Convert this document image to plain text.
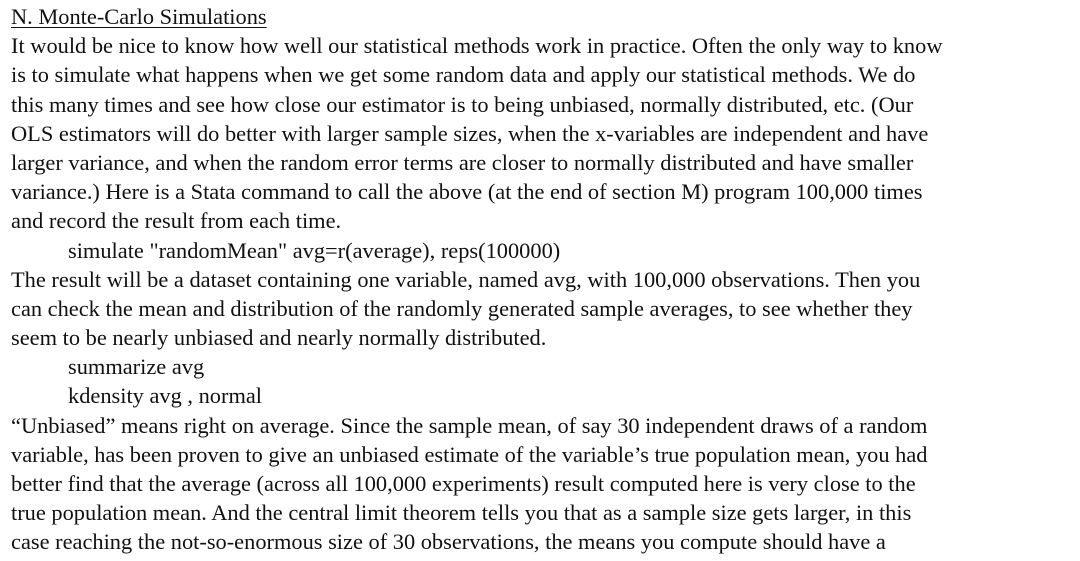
N. Monte-Carlo Simulations
It would be nice to know how well our statistical methods work in practice. Often the only way to know
is to simulate what happens when we get some random data and apply our statistical methods. We do
this many times and see how close our estimator is to being unbiased, normally distributed, etc. (Our
OLS estimators will do better with larger sample sizes, when the x-variables are independent and have
larger variance, and when the random error terms are closer to normally distributed and have smaller
variance.) Here is a Stata command to call the above (at the end of section M) program 100,000 times
and record the result from each time.
simulate "randomMean" avg=r(average), reps(100000)
The result will be a dataset containing one variable, named avg, with 100,000 observations. Then you
can check the mean and distribution of the randomly generated sample averages, to see whether they
seem to be nearly unbiased and nearly normally distributed.
summarize avg
kdensity avg , normal
“Unbiased” means right on average. Since the sample mean, of say 30 independent draws of a random
variable, has been proven to give an unbiased estimate of the variable’s true population mean, you had
better find that the average (across all 100,000 experiments) result computed here is very close to the
true population mean. And the central limit theorem tells you that as a sample size gets larger, in this
case reaching the not-so-enormous size of 30 observations, the means you compute should have a
